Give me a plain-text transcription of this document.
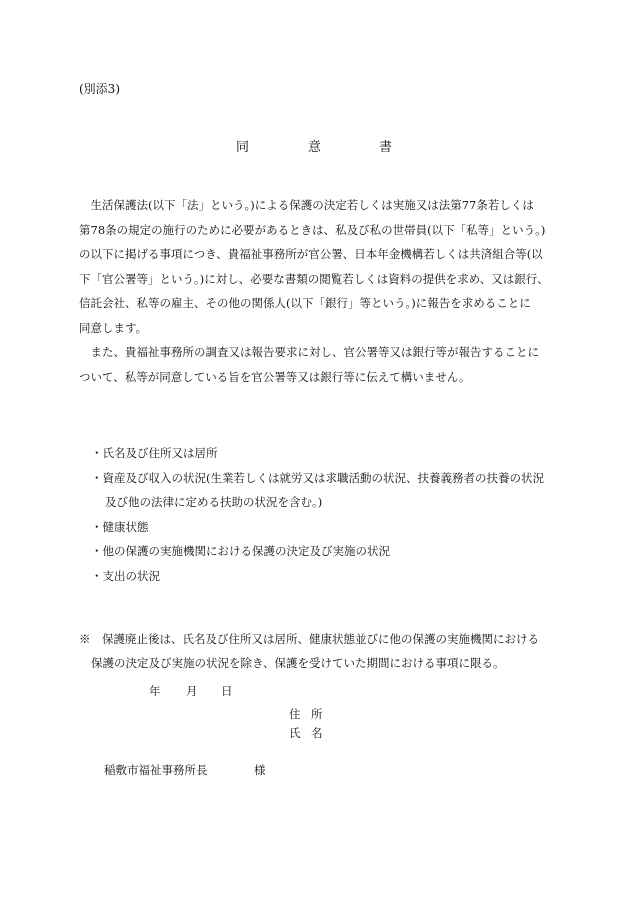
(別添3)
同	意	書

生活保護法(以下「法」という。)による保護の決定若しくは実施又は法第77条若しくは

第78条の規定の施行のために必要があるときは、私及び私の世帯員(以下「私等」という。)

の以下に掲げる事項につき、貴福祉事務所が官公署、日本年金機構若しくは共済組合等(以

下「官公署等」という。)に対し、必要な書類の閲覧若しくは資料の提供を求め、又は銀行、

信託会社、私等の雇主、その他の関係人(以下「銀行」等という。)に報告を求めることに

同意します。

また、貴福祉事務所の調査又は報告要求に対し、官公署等又は銀行等が報告することに

ついて、私等が同意している旨を官公署等又は銀行等に伝えて構いません。

・氏名及び住所又は居所
・資産及び収入の状況(生業若しくは就労又は求職活動の状況、扶養義務者の扶養の状況
及び他の法律に定める扶助の状況を含む。)
・健康状態
・他の保護の実施機関における保護の決定及び実施の状況
・支出の状況
※　保護廃止後は、氏名及び住所又は居所、健康状態並びに他の保護の実施機関における
保護の決定及び実施の状況を除き、保護を受けていた期間における事項に限る。
年 月 日
住 所
氏 名
稲敷市福祉事務所長	様
